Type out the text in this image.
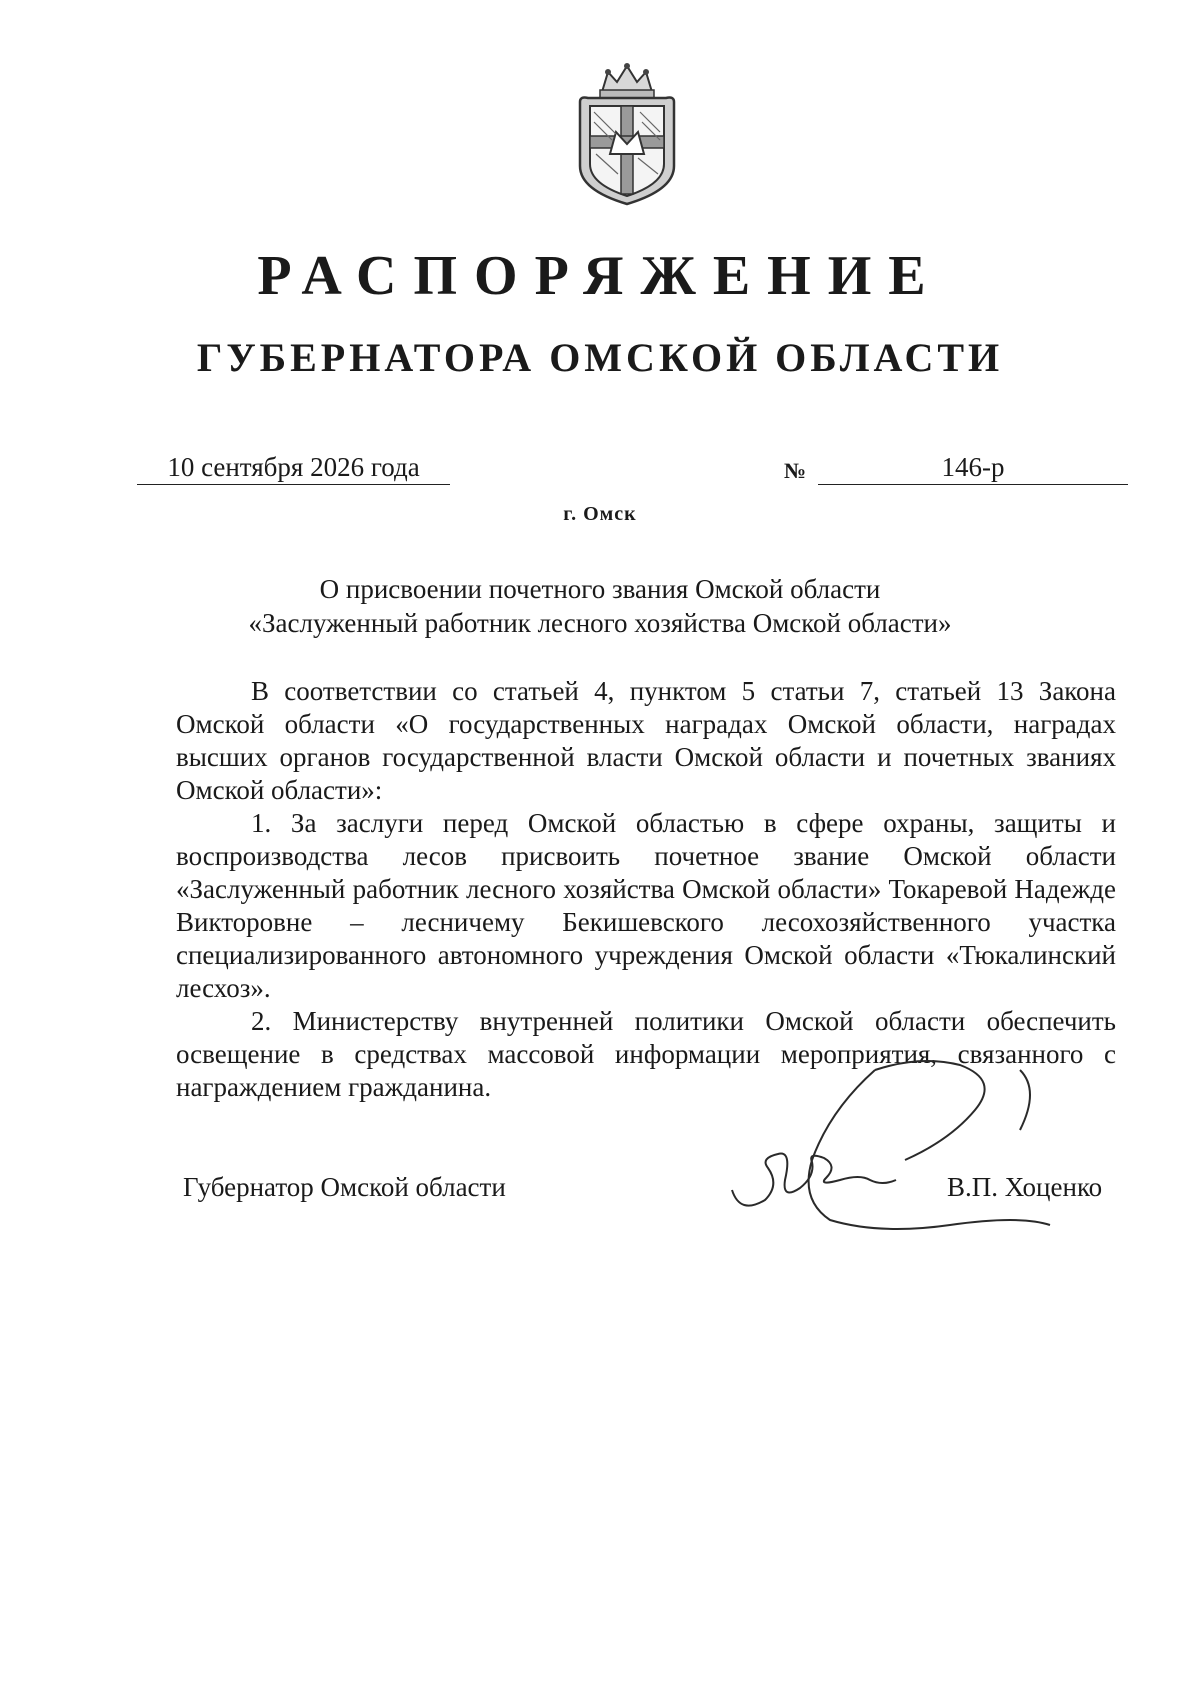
РАСПОРЯЖЕНИЕ
ГУБЕРНАТОРА ОМСКОЙ ОБЛАСТИ
10 сентября 2026 года	№	146-р
г. Омск
О присвоении почетного звания Омской области
«Заслуженный работник лесного хозяйства Омской области»

В соответствии со статьей 4, пунктом 5 статьи 7, статьей 13 Закона Омской области «О государственных наградах Омской области, наградах высших органов государственной власти Омской области и почетных званиях Омской области»:

1. За заслуги перед Омской областью в сфере охраны, защиты и воспроизводства лесов присвоить почетное звание Омской области «Заслуженный работник лесного хозяйства Омской области» Токаревой Надежде Викторовне – лесничему Бекишевского лесохозяйственного участка специализированного автономного учреждения Омской области «Тюкалинский лесхоз».

2. Министерству внутренней политики Омской области обеспечить освещение в средствах массовой информации мероприятия, связанного с награждением гражданина.

Губернатор Омской области	В.П. Хоценко
